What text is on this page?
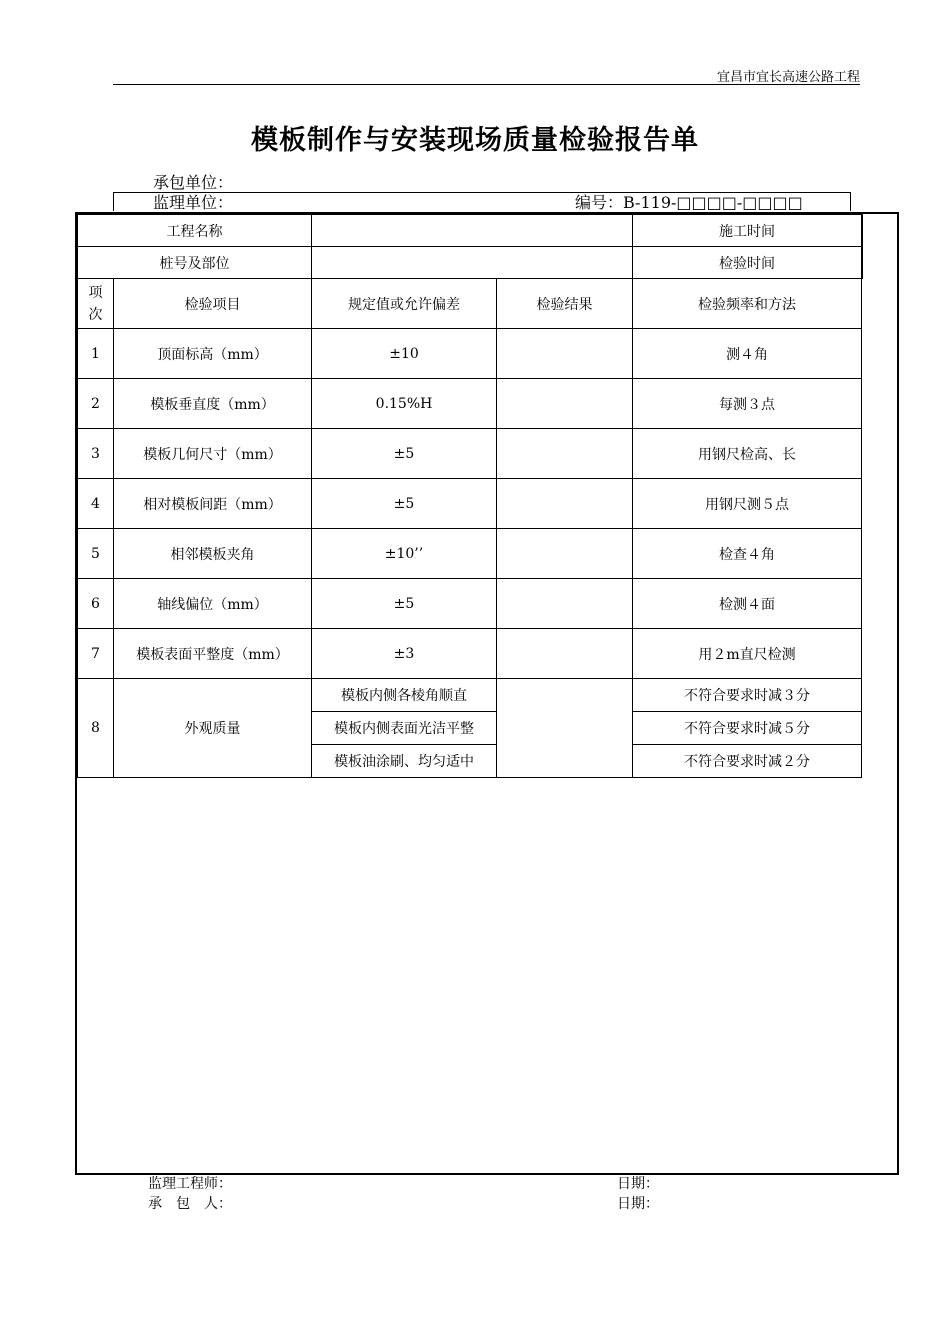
宜昌市宜长高速公路工程
模板制作与安装现场质量检验报告单
承包单位：
监理单位：	编号：B-119-□□□□-□□□□
工程名称				施工时间	
桩号及部位				检验时间	
项次	检验项目	规定值或允许偏差	检验结果	检验频率和方法	
1	顶面标高（mm）	±10		测４角	
2	模板垂直度（mm）	0.15%H		每测３点	
3	模板几何尺寸（mm）	±5		用钢尺检高、长	
4	相对模板间距（mm）	±5		用钢尺测５点	
5	相邻模板夹角	±10’’		检查４角	
6	轴线偏位（mm）	±5		检测４面	
7	模板表面平整度（mm）	±3		用２m直尺检测	
8	外观质量	模板内侧各棱角顺直		不符合要求时减３分	
		模板内侧表面光洁平整		不符合要求时减５分	
		模板油涂刷、均匀适中		不符合要求时减２分	
监理工程师：	日期：
承　包　人：	日期：
